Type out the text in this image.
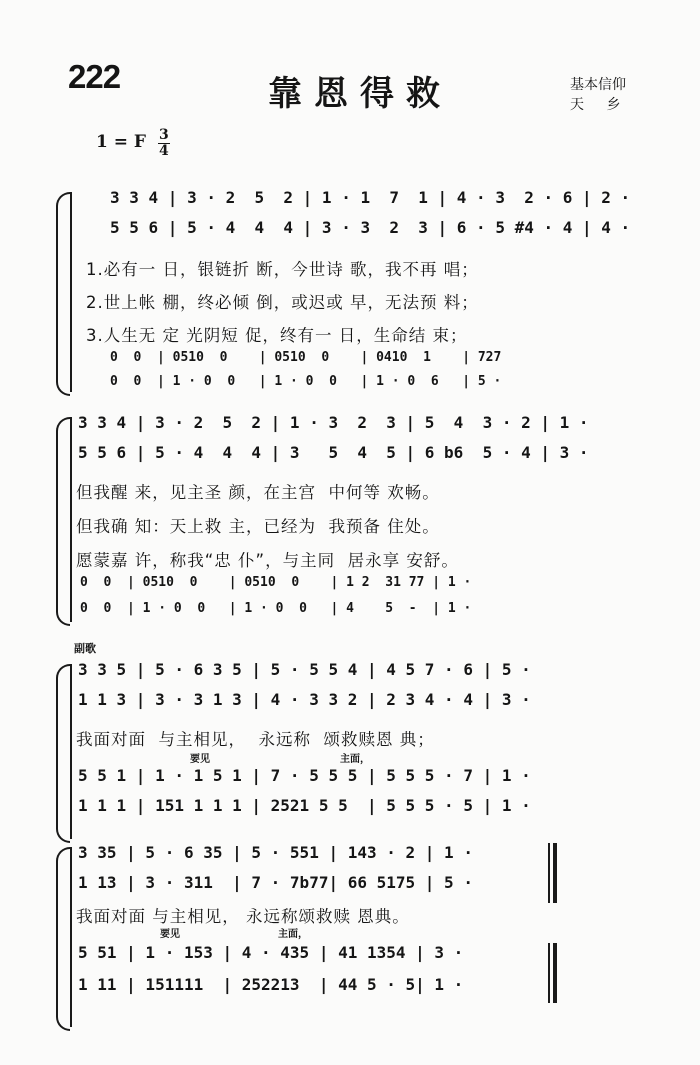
222	靠恩得救	基本信仰
天 乡
1 = F 3
4
3 3 4 | 3 · 2  5  2 | 1 · 1  7  1 | 4 · 3  2 · 6 | 2 ·
5 5 6 | 5 · 4  4  4 | 3 · 3  2  3 | 6 · 5 #4 · 4 | 4 ·
1.必有一 日，银链折 断，今世诗 歌，我不再 唱；
2.世上帐 棚，终必倾 倒，或迟或 早，无法预 料；
3.人生无 定 光阴短 促，终有一 日，生命结 束；
0  0  | 0510  0    | 0510  0    | 0410  1    | 727
0  0  | 1 · 0  0   | 1 · 0  0   | 1 · 0  6   | 5 ·
3 3 4 | 3 · 2  5  2 | 1 · 3  2  3 | 5  4  3 · 2 | 1 ·
5 5 6 | 5 · 4  4  4 | 3   5  4  5 | 6 b6  5 · 4 | 3 ·
但我醒 来，见主圣 颜，在主宫  中何等 欢畅。
但我确 知：天上救 主，已经为  我预备 住处。
愿蒙嘉 许，称我“忠 仆”，与主同  居永享 安舒。
0  0  | 0510  0    | 0510  0    | 1 2  31 77 | 1 ·
0  0  | 1 · 0  0   | 1 · 0  0   | 4    5  -  | 1 ·
副歌
3 3 5 | 5 · 6 3 5 | 5 · 5 5 4 | 4 5 7 · 6 | 5 ·
1 1 3 | 3 · 3 1 3 | 4 · 3 3 2 | 2 3 4 · 4 | 3 ·
我面对面  与主相见，  永远称  颂救赎恩 典；
要见	主面，
5 5 1 | 1 · 1 5 1 | 7 · 5 5 5 | 5 5 5 · 7 | 1 ·
1 1 1 | 151 1 1 1 | 2521 5 5  | 5 5 5 · 5 | 1 ·
3 35 | 5 · 6 35 | 5 · 551 | 143 · 2 | 1 ·
1 13 | 3 · 311  | 7 · 7b77| 66 5175 | 5 ·
我面对面 与主相见， 永远称颂救赎 恩典。
要见	主面，
5 51 | 1 · 153 | 4 · 435 | 41 1354 | 3 ·
1 11 | 151111  | 252213  | 44 5 · 5| 1 ·
